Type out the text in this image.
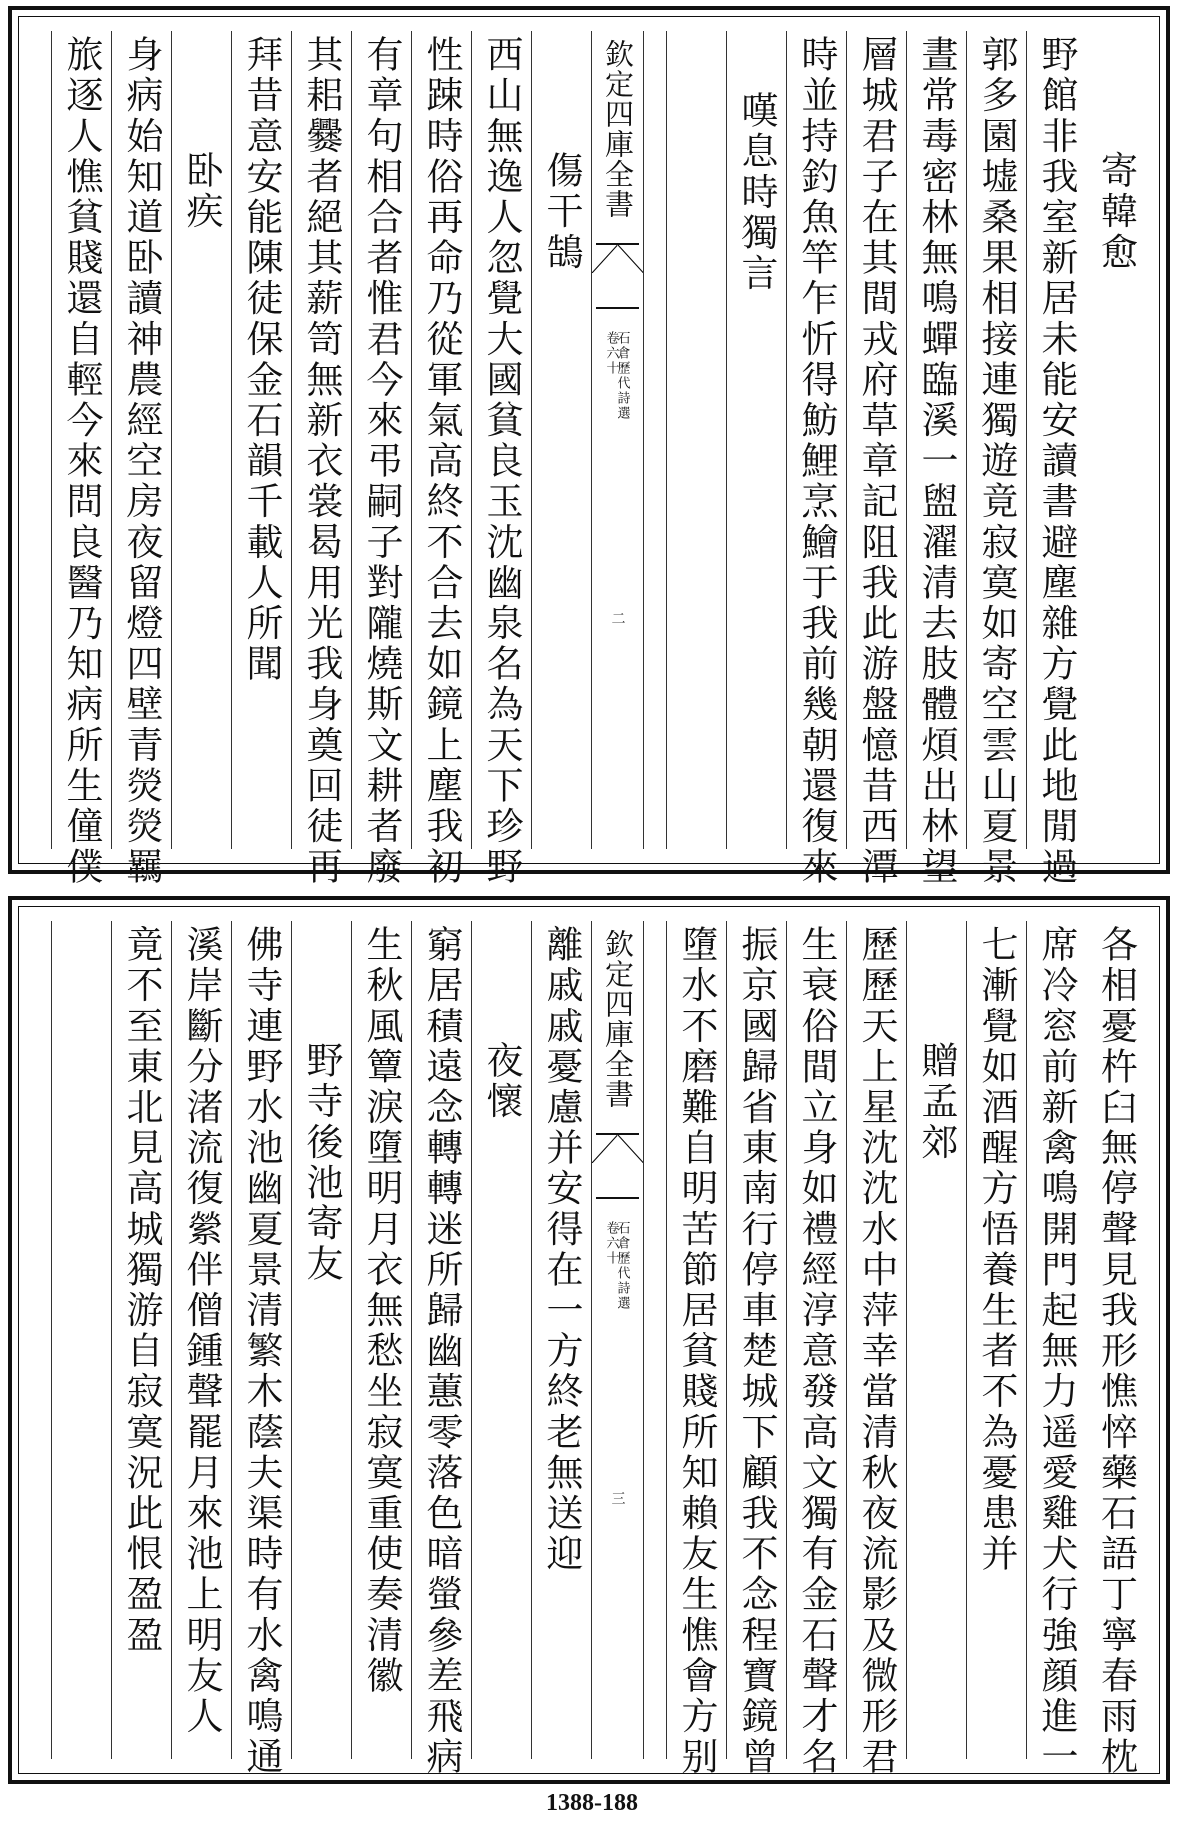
寄韓愈
野館非我室新居未能安讀書避塵雜方覺此地閒過
郭多園墟桑果相接連獨遊竟寂寞如寄空雲山夏景
晝常毒密林無鳴蟬臨溪一盥濯清去肢體煩出林望
層城君子在其間戎府草章記阻我此游盤憶昔西潭
時並持釣魚竿乍忻得魴鯉烹鱠于我前幾朝還復來
嘆息時獨言
欽定四庫全書
石倉歷代詩選
卷六十
二
傷干鵠
西山無逸人忽覺大國貧良玉沈幽泉名為天下珍野
性踈時俗再命乃從軍氣高終不合去如鏡上塵我初
有章句相合者惟君今來弔嗣子對隴燒斯文耕者廢
其耜爨者絕其薪笥無新衣裳曷用光我身奠回徒再
拜昔意安能陳徒保金石韻千載人所聞
卧疾
身病始知道卧讀神農經空房夜留燈四壁青熒熒羈
旅逐人憔貧賤還自輕今來問良醫乃知病所生僮僕
各相憂杵臼無停聲見我形憔悴藥石語丁寧春雨枕
席冷窓前新禽鳴開門起無力遥愛雞犬行強顔進一
七漸覺如酒醒方悟養生者不為憂患并
贈孟郊
歷歷天上星沈沈水中萍幸當清秋夜流影及微形君
生衰俗間立身如禮經淳意發高文獨有金石聲才名
振京國歸省東南行停車楚城下顧我不念程寶鏡曾
墮水不磨難自明苦節居貧賤所知賴友生憔會方别
欽定四庫全書
石倉歷代詩選
卷六十
三
離戚戚憂慮并安得在一方終老無送迎
夜懷
窮居積遠念轉轉迷所歸幽蕙零落色暗螢參差飛病
生秋風簟淚墮明月衣無愁坐寂寞重使奏清徽
野寺後池寄友
佛寺連野水池幽夏景清繁木蔭夫渠時有水禽鳴通
溪岸斷分渚流復縈伴僧鍾聲罷月來池上明友人
竟不至東北見高城獨游自寂寞況此恨盈盈
1388-188
